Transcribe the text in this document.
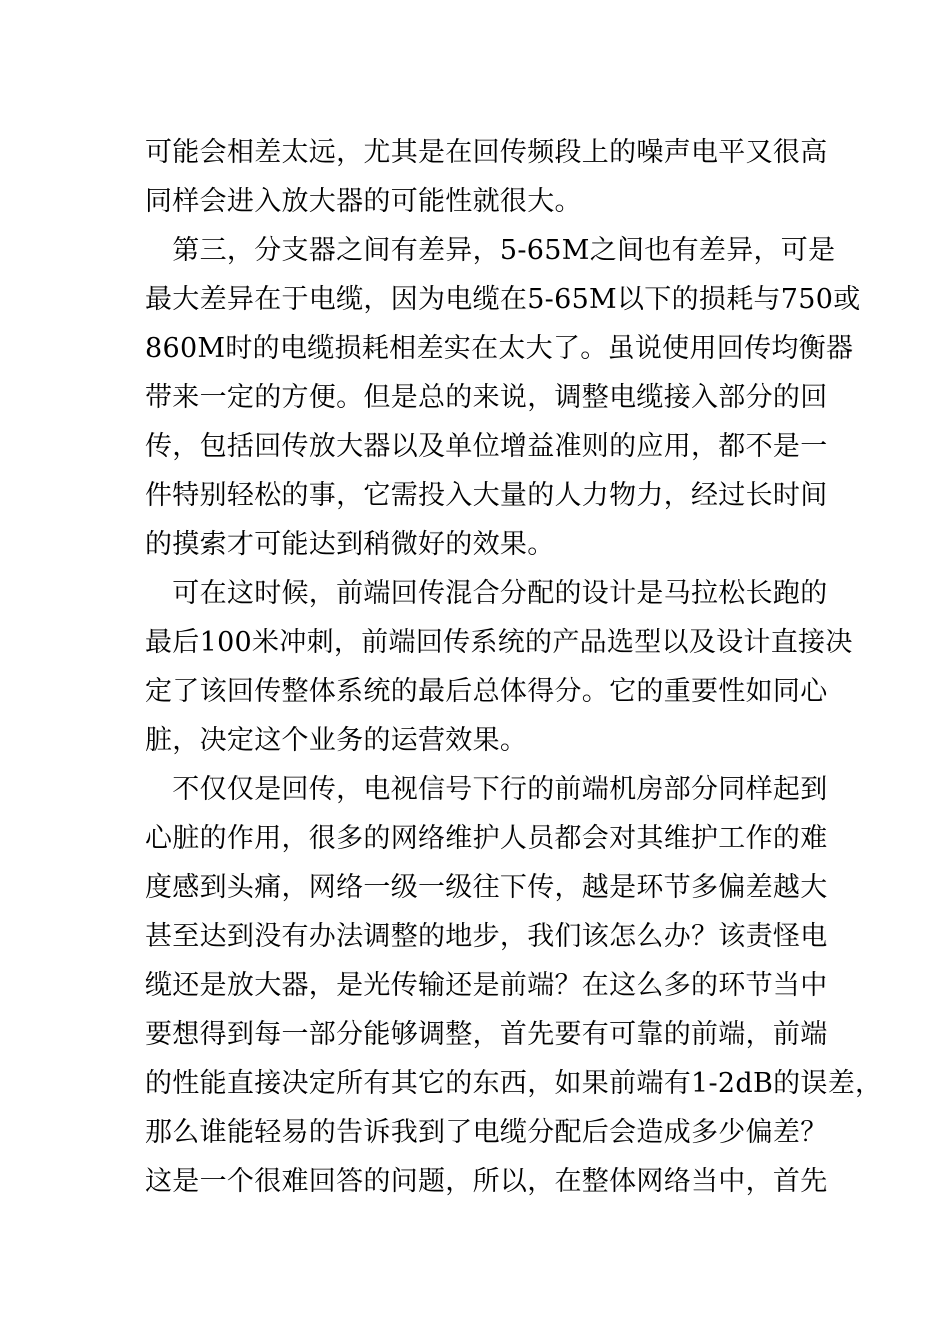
可能会相差太远，尤其是在回传频段上的噪声电平又很高
同样会进入放大器的可能性就很大。
　第三，分支器之间有差异，5-65M之间也有差异，可是
最大差异在于电缆，因为电缆在5-65M以下的损耗与750或
860M时的电缆损耗相差实在太大了。虽说使用回传均衡器
带来一定的方便。但是总的来说，调整电缆接入部分的回
传，包括回传放大器以及单位增益准则的应用，都不是一
件特别轻松的事，它需投入大量的人力物力，经过长时间
的摸索才可能达到稍微好的效果。
　可在这时候，前端回传混合分配的设计是马拉松长跑的
最后100米冲刺，前端回传系统的产品选型以及设计直接决
定了该回传整体系统的最后总体得分。它的重要性如同心
脏，决定这个业务的运营效果。
　不仅仅是回传，电视信号下行的前端机房部分同样起到
心脏的作用，很多的网络维护人员都会对其维护工作的难
度感到头痛，网络一级一级往下传，越是环节多偏差越大
甚至达到没有办法调整的地步，我们该怎么办？该责怪电
缆还是放大器，是光传输还是前端？在这么多的环节当中
要想得到每一部分能够调整，首先要有可靠的前端，前端
的性能直接决定所有其它的东西，如果前端有1-2dB的误差，
那么谁能轻易的告诉我到了电缆分配后会造成多少偏差？
这是一个很难回答的问题，所以，在整体网络当中，首先
